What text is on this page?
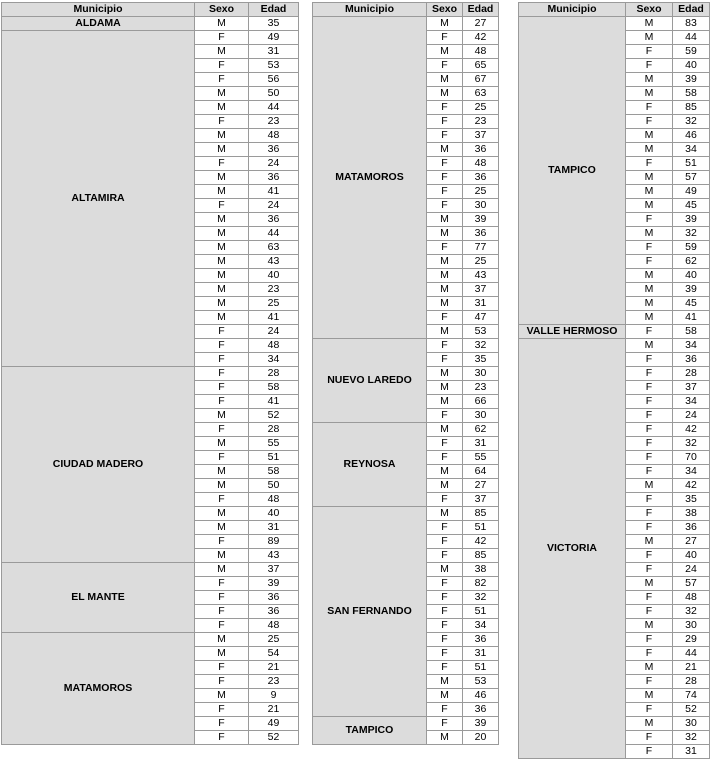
Municipio	Sexo	Edad
ALDAMA	M	35
ALTAMIRA	F	49
	M	31
	F	53
	F	56
	M	50
	M	44
	F	23
	M	48
	M	36
	F	24
	M	36
	M	41
	F	24
	M	36
	M	44
	M	63
	M	43
	M	40
	M	23
	M	25
	M	41
	F	24
	F	48
	F	34
CIUDAD MADERO	F	28
	F	58
	F	41
	M	52
	F	28
	M	55
	F	51
	M	58
	M	50
	F	48
	M	40
	M	31
	F	89
	M	43
EL MANTE	M	37
	F	39
	F	36
	F	36
	F	48
MATAMOROS	M	25
	M	54
	F	21
	F	23
	M	9
	F	21
	F	49
	F	52
Municipio	Sexo	Edad
MATAMOROS	M	27
	F	42
	M	48
	F	65
	M	67
	M	63
	F	25
	F	23
	F	37
	M	36
	F	48
	F	36
	F	25
	F	30
	M	39
	M	36
	F	77
	M	25
	M	43
	M	37
	M	31
	F	47
	M	53
NUEVO LAREDO	F	32
	F	35
	M	30
	M	23
	M	66
	F	30
REYNOSA	M	62
	F	31
	F	55
	M	64
	M	27
	F	37
SAN FERNANDO	M	85
	F	51
	F	42
	F	85
	M	38
	F	82
	F	32
	F	51
	F	34
	F	36
	F	31
	F	51
	M	53
	M	46
	F	36
TAMPICO	F	39
	M	20
Municipio	Sexo	Edad
TAMPICO	M	83
	M	44
	F	59
	F	40
	M	39
	M	58
	F	85
	F	32
	M	46
	M	34
	F	51
	M	57
	M	49
	M	45
	F	39
	M	32
	F	59
	F	62
	M	40
	M	39
	M	45
	M	41
VALLE HERMOSO	F	58
VICTORIA	M	34
	F	36
	F	28
	F	37
	F	34
	F	24
	F	42
	F	32
	F	70
	F	34
	M	42
	F	35
	F	38
	F	36
	M	27
	F	40
	F	24
	M	57
	F	48
	F	32
	M	30
	F	29
	F	44
	M	21
	F	28
	M	74
	F	52
	M	30
	F	32
	F	31
